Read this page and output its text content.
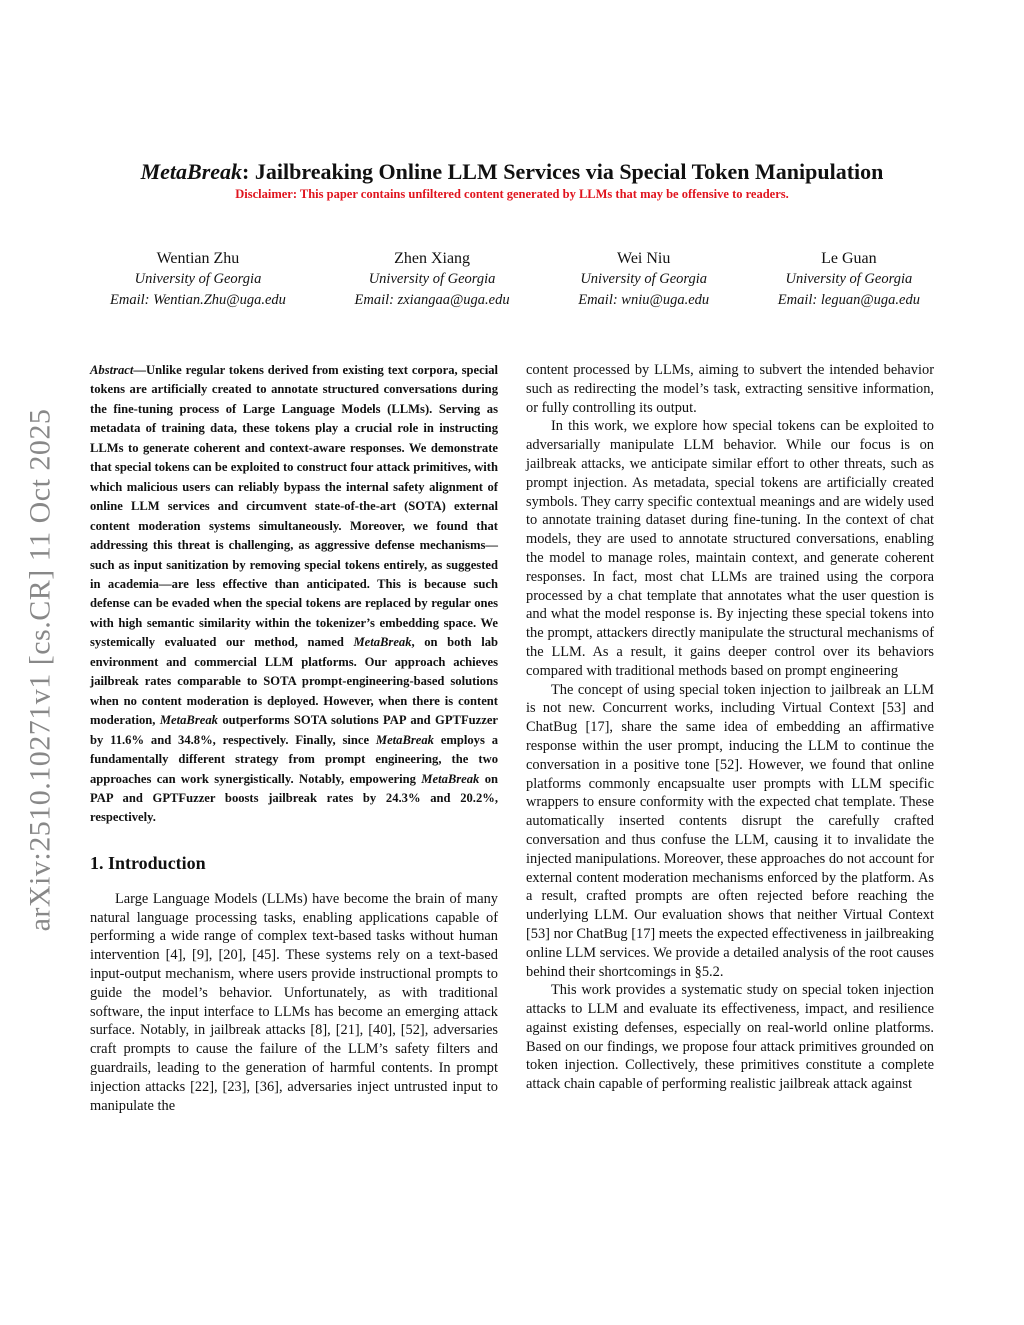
arXiv:2510.10271v1 [cs.CR] 11 Oct 2025
MetaBreak: Jailbreaking Online LLM Services via Special Token Manipulation
Disclaimer: This paper contains unfiltered content generated by LLMs that may be offensive to readers.
Wentian Zhu
University of Georgia
Email: Wentian.Zhu@uga.edu
Zhen Xiang
University of Georgia
Email: zxiangaa@uga.edu
Wei Niu
University of Georgia
Email: wniu@uga.edu
Le Guan
University of Georgia
Email: leguan@uga.edu

Abstract—Unlike regular tokens derived from existing text corpora, special tokens are artificially created to annotate structured conversations during the fine-tuning process of Large Language Models (LLMs). Serving as metadata of training data, these tokens play a crucial role in instructing LLMs to generate coherent and context-aware responses. We demonstrate that special tokens can be exploited to construct four attack primitives, with which malicious users can reliably bypass the internal safety alignment of online LLM services and circumvent state-of-the-art (SOTA) external content moderation systems simultaneously. Moreover, we found that addressing this threat is challenging, as aggressive defense mechanisms—such as input sanitization by removing special tokens entirely, as suggested in academia—are less effective than anticipated. This is because such defense can be evaded when the special tokens are replaced by regular ones with high semantic similarity within the tokenizer’s embedding space. We systemically evaluated our method, named MetaBreak, on both lab environment and commercial LLM platforms. Our approach achieves jailbreak rates comparable to SOTA prompt-engineering-based solutions when no content moderation is deployed. However, when there is content moderation, MetaBreak outperforms SOTA solutions PAP and GPTFuzzer by 11.6% and 34.8%, respectively. Finally, since MetaBreak employs a fundamentally different strategy from prompt engineering, the two approaches can work synergistically. Notably, empowering MetaBreak on PAP and GPTFuzzer boosts jailbreak rates by 24.3% and 20.2%, respectively.

1. Introduction

Large Language Models (LLMs) have become the brain of many natural language processing tasks, enabling applications capable of performing a wide range of complex text-based tasks without human intervention [4], [9], [20], [45]. These systems rely on a text-based input-output mechanism, where users provide instructional prompts to guide the model’s behavior. Unfortunately, as with traditional software, the input interface to LLMs has become an emerging attack surface. Notably, in jailbreak attacks [8], [21], [40], [52], adversaries craft prompts to cause the failure of the LLM’s safety filters and guardrails, leading to the generation of harmful contents. In prompt injection attacks [22], [23], [36], adversaries inject untrusted input to manipulate the

content processed by LLMs, aiming to subvert the intended behavior such as redirecting the model’s task, extracting sensitive information, or fully controlling its output.

In this work, we explore how special tokens can be exploited to adversarially manipulate LLM behavior. While our focus is on jailbreak attacks, we anticipate similar effort to other threats, such as prompt injection. As metadata, special tokens are artificially created symbols. They carry specific contextual meanings and are widely used to annotate training dataset during fine-tuning. In the context of chat models, they are used to annotate structured conversations, enabling the model to manage roles, maintain context, and generate coherent responses. In fact, most chat LLMs are trained using the corpora processed by a chat template that annotates what the user question is and what the model response is. By injecting these special tokens into the prompt, attackers directly manipulate the structural mechanisms of the LLM. As a result, it gains deeper control over its behaviors compared with traditional methods based on prompt engineering

The concept of using special token injection to jailbreak an LLM is not new. Concurrent works, including Virtual Context [53] and ChatBug [17], share the same idea of embedding an affirmative response within the user prompt, inducing the LLM to continue the conversation in a positive tone [52]. However, we found that online platforms commonly encapsualte user prompts with LLM specific wrappers to ensure conformity with the expected chat template. These automatically inserted contents disrupt the carefully crafted conversation and thus confuse the LLM, causing it to invalidate the injected manipulations. Moreover, these approaches do not account for external content moderation mechanisms enforced by the platform. As a result, crafted prompts are often rejected before reaching the underlying LLM. Our evaluation shows that neither Virtual Context [53] nor ChatBug [17] meets the expected effectiveness in jailbreaking online LLM services. We provide a detailed analysis of the root causes behind their shortcomings in §5.2.

This work provides a systematic study on special token injection attacks to LLM and evaluate its effectiveness, impact, and resilience against existing defenses, especially on real-world online platforms. Based on our findings, we propose four attack primitives grounded on token injection. Collectively, these primitives constitute a complete attack chain capable of performing realistic jailbreak attack against
